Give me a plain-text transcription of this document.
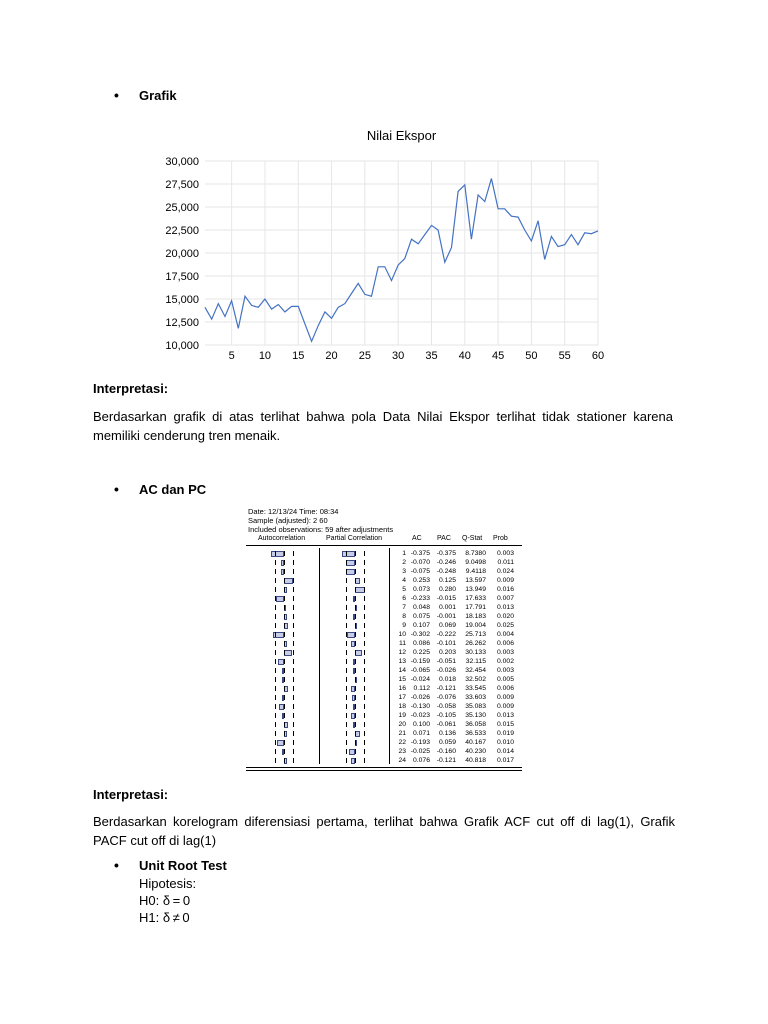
• Grafik
Nilai Ekspor
10,000
12,500
15,000
17,500
20,000
22,500
25,000
27,500
30,000
5 10 15 20 25 30 35 40 45 50 55 60
Interpretasi:
Berdasarkan grafik di atas terlihat bahwa pola Data Nilai Ekspor terlihat tidak stationer karena memiliki cenderung tren menaik.
• AC dan PC
Date: 12/13/24 Time: 08:34
Sample (adjusted): 2 60
Included observations: 59 after adjustments
Autocorrelation	Partial Correlation	AC PAC Q-Stat Prob
1 -0.375 -0.375	8.7380	0.003
2 -0.070 -0.246	9.0498	0.011
3 -0.075 -0.248	9.4118	0.024
4	0.253	0.125	13.597	0.009
5	0.073	0.280	13.949	0.016
6 -0.233 -0.015	17.633	0.007
7	0.048	0.001	17.791	0.013
8	0.075 -0.001	18.183	0.020
9	0.107	0.069	19.004	0.025
10 -0.302 -0.222	25.713	0.004
11	0.086 -0.101	26.262	0.006
12	0.225	0.203	30.133	0.003
13 -0.159 -0.051	32.115	0.002
14 -0.065 -0.026	32.454	0.003
15 -0.024	0.018	32.502	0.005
16	0.112 -0.121	33.545	0.006
17 -0.026 -0.076	33.603	0.009
18 -0.130 -0.058	35.083	0.009
19 -0.023 -0.105	35.130	0.013
20	0.100 -0.061	36.058	0.015
21	0.071	0.136	36.533	0.019
22 -0.193	0.059	40.167	0.010
23 -0.025 -0.160	40.230	0.014
24	0.076 -0.121	40.818	0.017
Interpretasi:
Berdasarkan korelogram diferensiasi pertama, terlihat bahwa Grafik ACF cut off di lag(1), Grafik PACF cut off di lag(1)
• Unit Root Test
Hipotesis:
H0: δ = 0
H1: δ ≠ 0
